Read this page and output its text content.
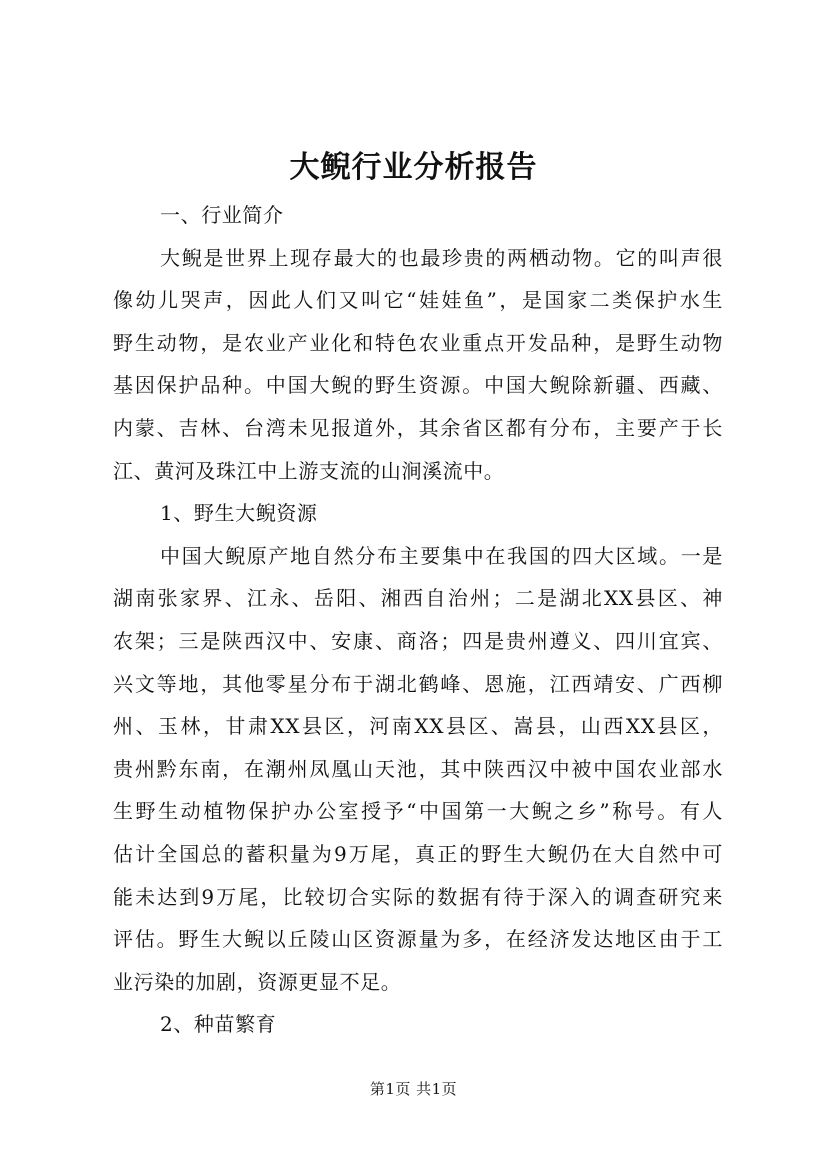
大鲵行业分析报告

一、行业简介

大鲵是世界上现存最大的也最珍贵的两栖动物。它的叫声很
像幼儿哭声，因此人们又叫它“娃娃鱼”，是国家二类保护水生
野生动物，是农业产业化和特色农业重点开发品种，是野生动物
基因保护品种。中国大鲵的野生资源。中国大鲵除新疆、西藏、
内蒙、吉林、台湾未见报道外，其余省区都有分布，主要产于长
江、黄河及珠江中上游支流的山涧溪流中。

1、野生大鲵资源

中国大鲵原产地自然分布主要集中在我国的四大区域。一是
湖南张家界、江永、岳阳、湘西自治州；二是湖北XX县区、神
农架；三是陕西汉中、安康、商洛；四是贵州遵义、四川宜宾、
兴文等地，其他零星分布于湖北鹤峰、恩施，江西靖安、广西柳
州、玉林，甘肃XX县区，河南XX县区、嵩县，山西XX县区，
贵州黔东南，在潮州凤凰山天池，其中陕西汉中被中国农业部水
生野生动植物保护办公室授予“中国第一大鲵之乡”称号。有人
估计全国总的蓄积量为9万尾，真正的野生大鲵仍在大自然中可
能未达到9万尾，比较切合实际的数据有待于深入的调查研究来
评估。野生大鲵以丘陵山区资源量为多，在经济发达地区由于工
业污染的加剧，资源更显不足。

2、种苗繁育

第1页 共1页
